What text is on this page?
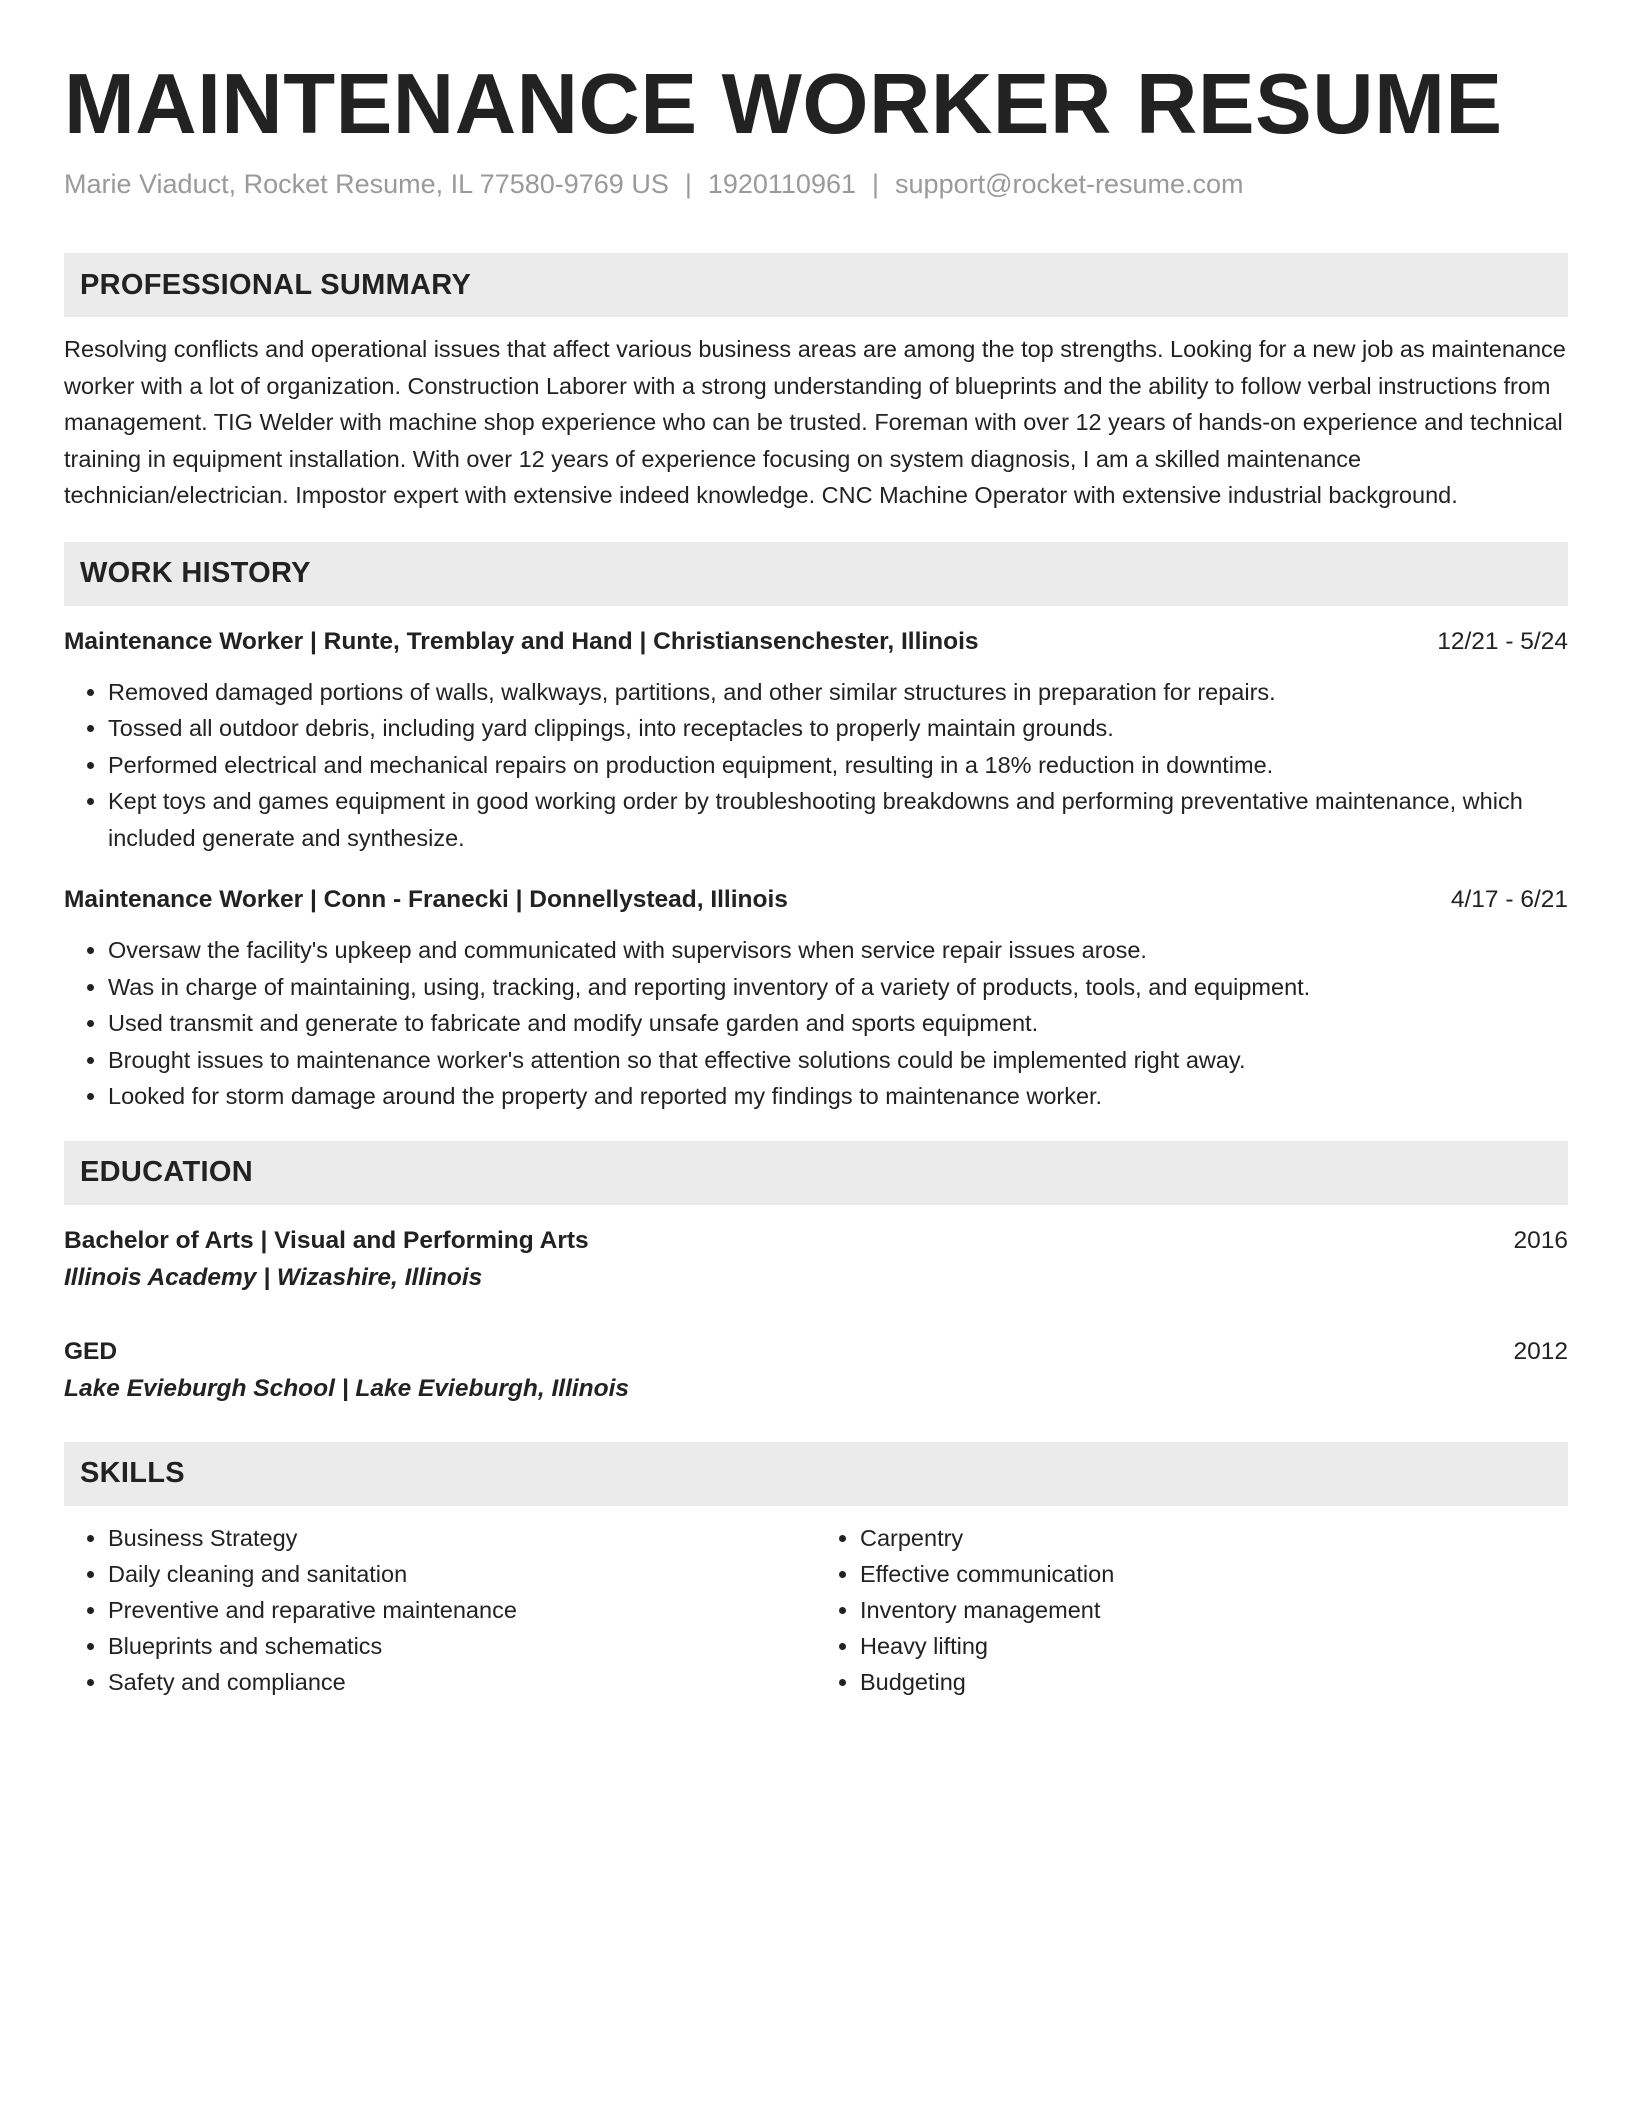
MAINTENANCE WORKER RESUME
Marie Viaduct, Rocket Resume, IL 77580-9769 US | 1920110961 | support@rocket-resume.com
PROFESSIONAL SUMMARY
Resolving conflicts and operational issues that affect various business areas are among the top strengths. Looking for a new job as maintenance worker with a lot of organization. Construction Laborer with a strong understanding of blueprints and the ability to follow verbal instructions from management. TIG Welder with machine shop experience who can be trusted. Foreman with over 12 years of hands-on experience and technical training in equipment installation. With over 12 years of experience focusing on system diagnosis, I am a skilled maintenance technician/electrician. Impostor expert with extensive indeed knowledge. CNC Machine Operator with extensive industrial background.
WORK HISTORY
Maintenance Worker | Runte, Tremblay and Hand | Christiansenchester, Illinois	12/21 - 5/24
• Removed damaged portions of walls, walkways, partitions, and other similar structures in preparation for repairs.
• Tossed all outdoor debris, including yard clippings, into receptacles to properly maintain grounds.
• Performed electrical and mechanical repairs on production equipment, resulting in a 18% reduction in downtime.
• Kept toys and games equipment in good working order by troubleshooting breakdowns and performing preventative maintenance, which included generate and synthesize.
Maintenance Worker | Conn - Franecki | Donnellystead, Illinois	4/17 - 6/21
• Oversaw the facility's upkeep and communicated with supervisors when service repair issues arose.
• Was in charge of maintaining, using, tracking, and reporting inventory of a variety of products, tools, and equipment.
• Used transmit and generate to fabricate and modify unsafe garden and sports equipment.
• Brought issues to maintenance worker's attention so that effective solutions could be implemented right away.
• Looked for storm damage around the property and reported my findings to maintenance worker.
EDUCATION
Bachelor of Arts | Visual and Performing Arts	2016
Illinois Academy | Wizashire, Illinois
GED	2012
Lake Evieburgh School | Lake Evieburgh, Illinois
SKILLS
• Business Strategy
• Daily cleaning and sanitation
• Preventive and reparative maintenance
• Blueprints and schematics
• Safety and compliance
• Carpentry
• Effective communication
• Inventory management
• Heavy lifting
• Budgeting
